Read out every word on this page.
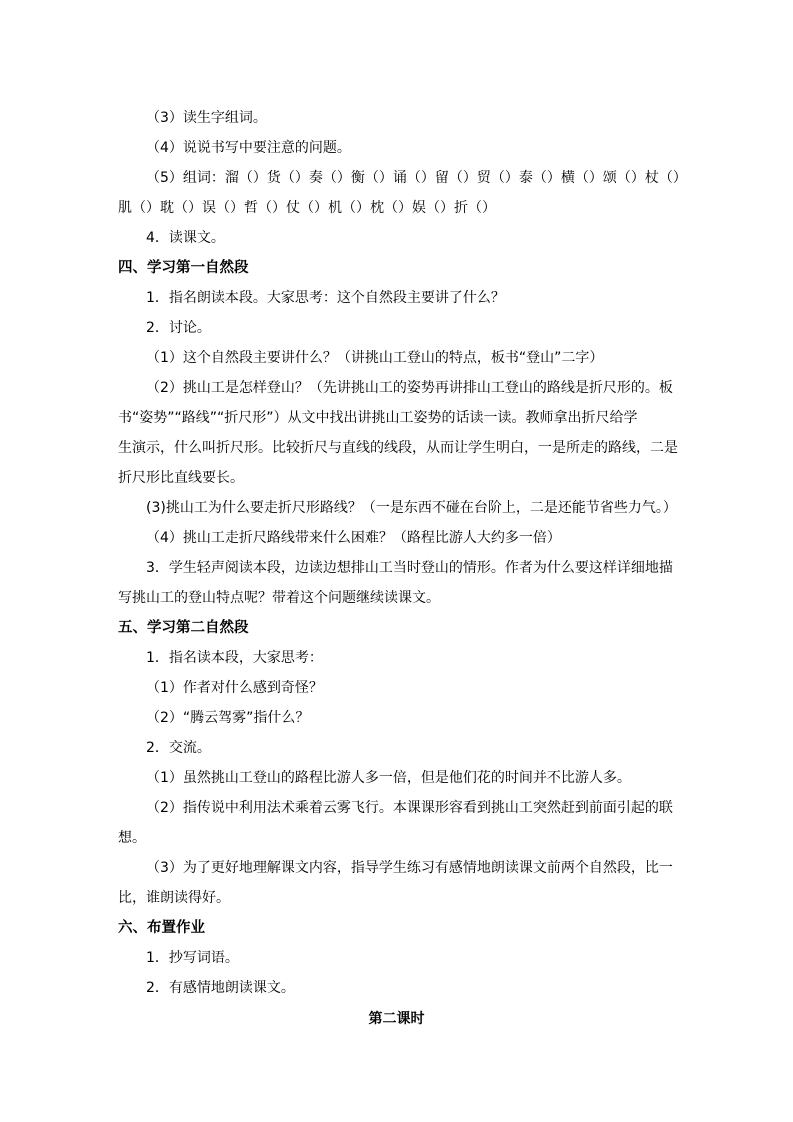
（3）读生字组词。
（4）说说书写中要注意的问题。
（5）组词：溜（）货（）奏（）衡（）诵（）留（）贸（）泰（）横（）颂（）杖（）
肌（）耽（）误（）哲（）仗（）机（）枕（）娱（）折（）
4．读课文。
四、学习第一自然段
1．指名朗读本段。大家思考：这个自然段主要讲了什么？
2．讨论。
（1）这个自然段主要讲什么？（讲挑山工登山的特点，板书“登山”二字）
（2）挑山工是怎样登山？（先讲挑山工的姿势再讲排山工登山的路线是折尺形的。板
书“姿势”“路线”“折尺形”）从文中找出讲挑山工姿势的话读一读。教师拿出折尺给学
生演示，什么叫折尺形。比较折尺与直线的线段，从而让学生明白，一是所走的路线，二是
折尺形比直线要长。
(3)挑山工为什么要走折尺形路线？（一是东西不碰在台阶上，二是还能节省些力气。）
（4）挑山工走折尺路线带来什么困难？（路程比游人大约多一倍）
3．学生轻声阅读本段，边读边想排山工当时登山的情形。作者为什么要这样详细地描
写挑山工的登山特点呢？带着这个问题继续读课文。
五、学习第二自然段
1．指名读本段，大家思考：
（1）作者对什么感到奇怪？
（2）“腾云驾雾”指什么？
2．交流。
（1）虽然挑山工登山的路程比游人多一倍，但是他们花的时间并不比游人多。
（2）指传说中利用法术乘着云雾飞行。本课课形容看到挑山工突然赶到前面引起的联
想。
（3）为了更好地理解课文内容，指导学生练习有感情地朗读课文前两个自然段，比一
比，谁朗读得好。
六、布置作业
1．抄写词语。
2．有感情地朗读课文。
第二课时
